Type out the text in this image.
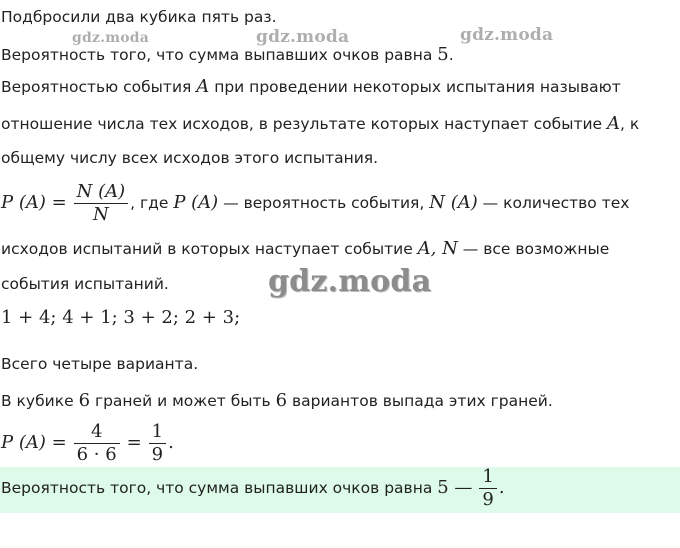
gdz.moda	gdz.moda	gdz.moda
Подбросили два кубика пять раз.
Вероятность того, что сумма выпавших очков равна 5.
Вероятностью события A при проведении некоторых испытания называют
отношение числа тех исходов, в результате которых наступает событие A, к
общему числу всех исходов этого испытания.
P $(A) = \frac{N (A)}{N}$ , где P (A) — вероятность события, N (A) — количество тех
исходов испытаний в которых наступает событие A, N — все возможные
события испытаний.	gdz.moda
1 + 4; 4 + 1; 3 + 2; 2 + 3;
Всего четыре варианта.
В кубике 6 граней и может быть 6 вариантов выпада этих граней.
P $(A) = \frac{4}{6 \cdot 6} = \frac{1}{9}$ .
Вероятность того, что сумма выпавших очков равна 5 — $\frac{1}{9}$ .
